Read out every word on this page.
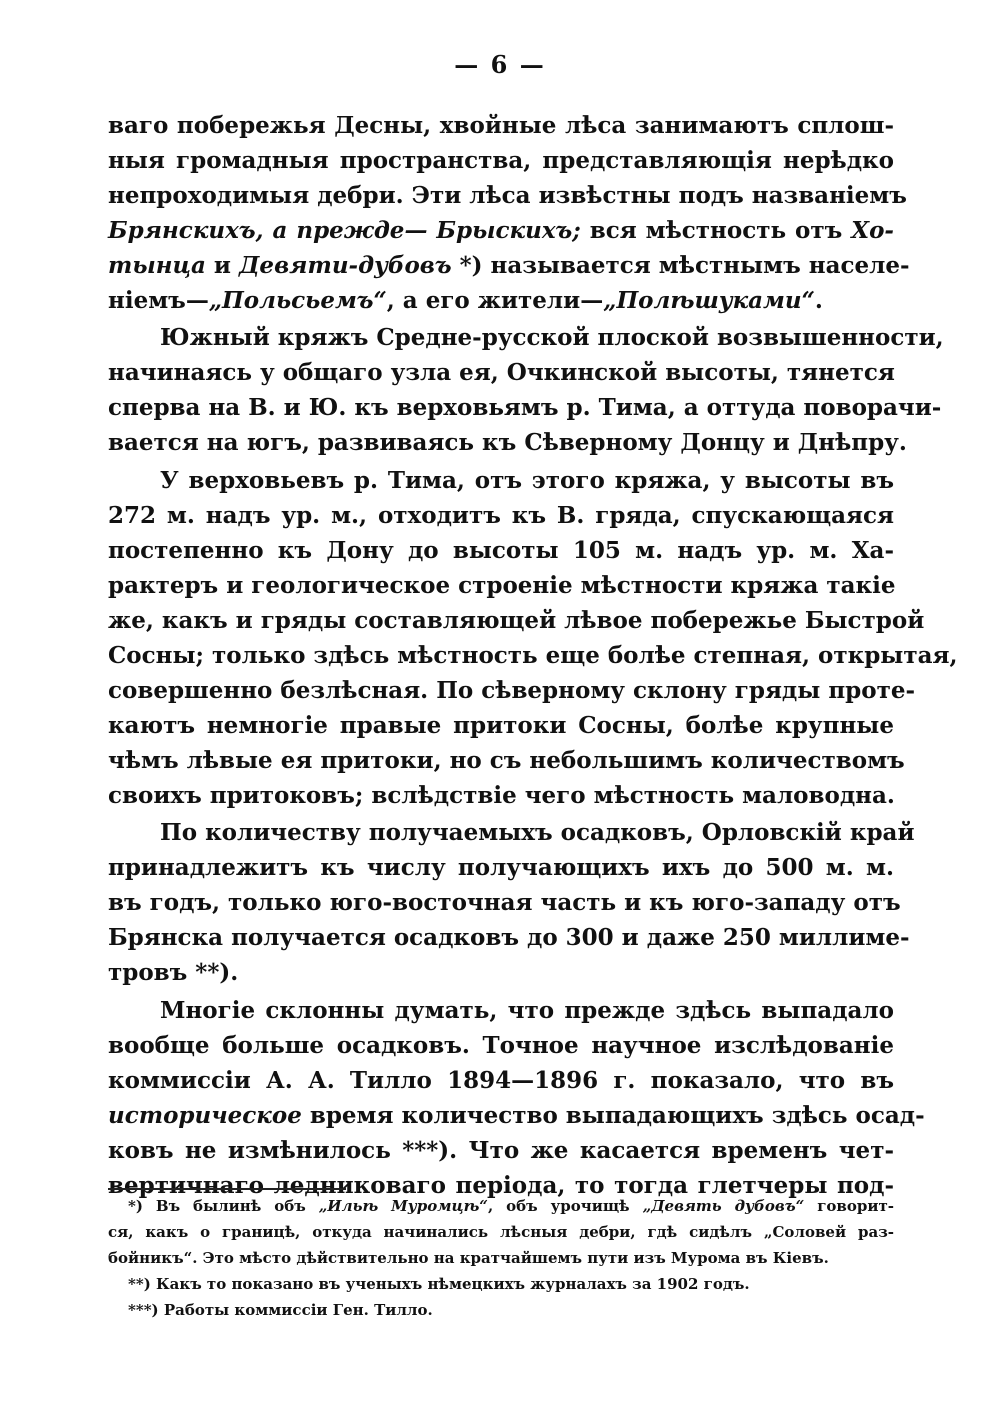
— 6 —
ваго побережья Десны, хвойные лѣса занимаютъ сплош-
ныя громадныя пространства, представляющія нерѣдко
непроходимыя дебри. Эти лѣса извѣстны подъ названіемъ
Брянскихъ, а прежде— Брыскихъ; вся мѣстность отъ Хо-
тынца и Девяти-дубовъ *) называется мѣстнымъ населе-
ніемъ—„Польсьемъ“, а его жители—„Полѣшуками“.
Южный кряжъ Средне-русской плоской возвышенности,
начинаясь у общаго узла ея, Очкинской высоты, тянется
сперва на В. и Ю. къ верховьямъ р. Тима, а оттуда поворачи-
вается на югъ, развиваясь къ Сѣверному Донцу и Днѣпру.
У верховьевъ р. Тима, отъ этого кряжа, у высоты въ
272 м. надъ ур. м., отходитъ къ В. гряда, спускающаяся
постепенно къ Дону до высоты 105 м. надъ ур. м. Ха-
рактеръ и геологическое строеніе мѣстности кряжа такіе
же, какъ и гряды составляющей лѣвое побережье Быстрой
Сосны; только здѣсь мѣстность еще болѣе степная, открытая,
совершенно безлѣсная. По сѣверному склону гряды проте-
каютъ немногіе правые притоки Сосны, болѣе крупные
чѣмъ лѣвые ея притоки, но съ небольшимъ количествомъ
своихъ притоковъ; вслѣдствіе чего мѣстность маловодна.
По количеству получаемыхъ осадковъ, Орловскій край
принадлежитъ къ числу получающихъ ихъ до 500 м. м.
въ годъ, только юго-восточная часть и къ юго-западу отъ
Брянска получается осадковъ до 300 и даже 250 миллиме-
тровъ **).
Многіе склонны думать, что прежде здѣсь выпадало
вообще больше осадковъ. Точное научное изслѣдованіе
коммиссіи А. А. Тилло 1894—1896 г. показало, что въ
историческое время количество выпадающихъ здѣсь осад-
ковъ не измѣнилось ***). Что же касается временъ чет-
вертичнаго ледниковаго періода, то тогда глетчеры под-
*) Въ былинѣ объ „Ильѣ Муромцѣ“, объ урочищѣ „Девять дубовъ“ говорит-
ся, какъ о границѣ, откуда начинались лѣсныя дебри, гдѣ сидѣлъ „Соловей раз-
бойникъ“. Это мѣсто дѣйствительно на кратчайшемъ пути изъ Мурома въ Кіевъ.
**) Какъ то показано въ ученыхъ нѣмецкихъ журналахъ за 1902 годъ.
***) Работы коммиссіи Ген. Тилло.
